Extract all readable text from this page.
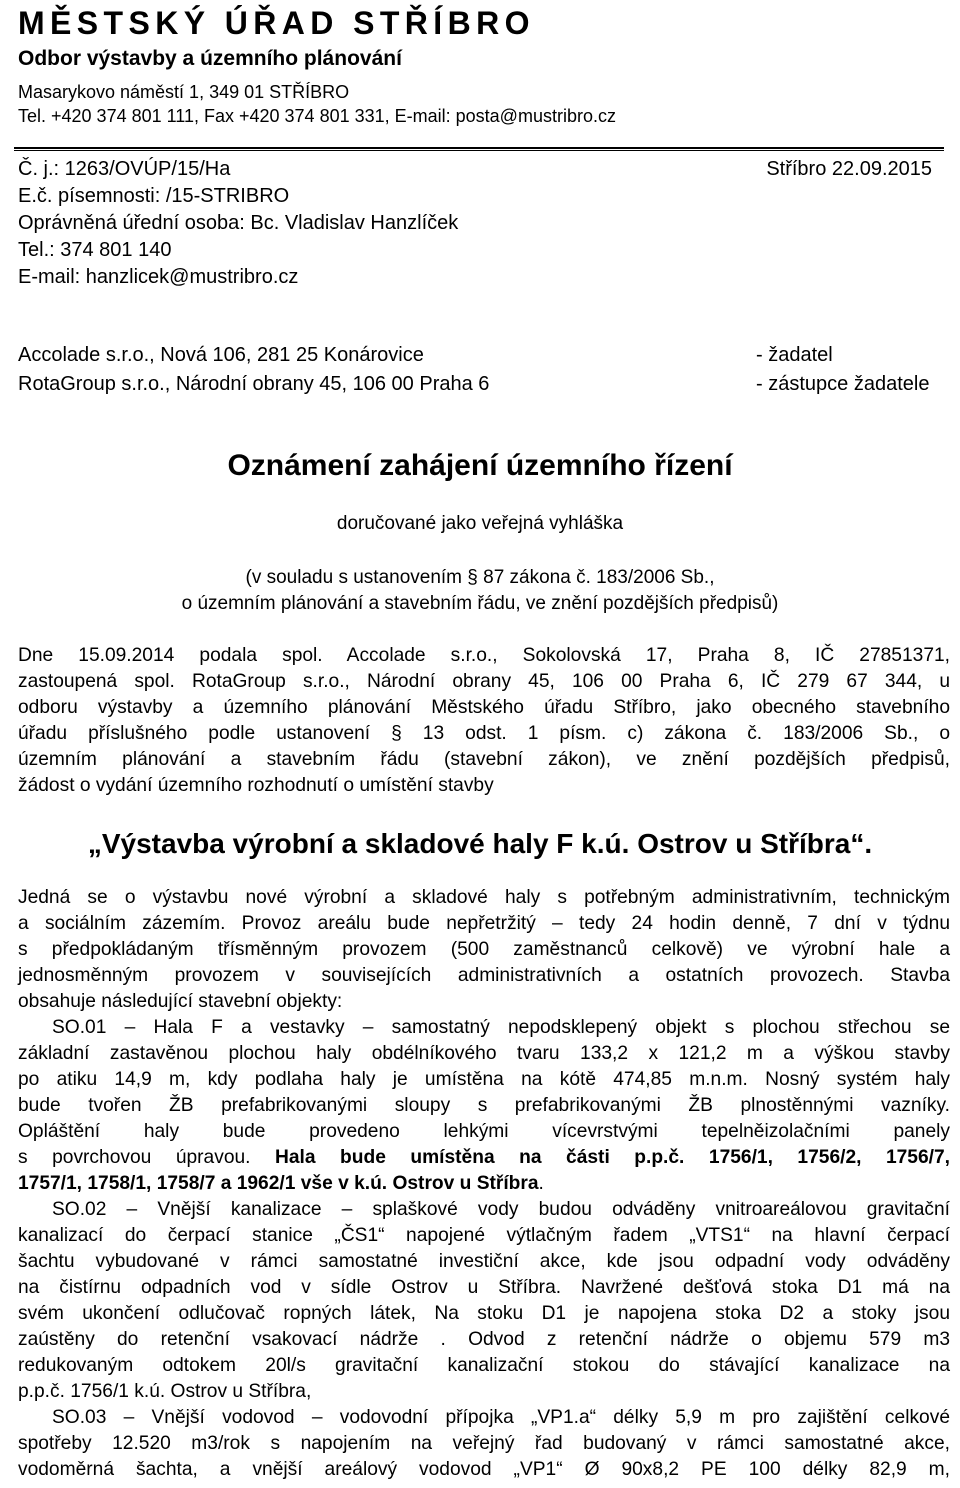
MĚSTSKÝ ÚŘAD STŘÍBRO
Odbor výstavby a územního plánování
Masarykovo náměstí 1, 349 01 STŘÍBRO
Tel. +420 374 801 111, Fax +420 374 801 331, E-mail: posta@mustribro.cz
Č. j.: 1263/OVÚP/15/Ha	Stříbro 22.09.2015
E.č. písemnosti: /15-STRIBRO
Oprávněná úřední osoba: Bc. Vladislav Hanzlíček
Tel.: 374 801 140
E-mail: hanzlicek@mustribro.cz
Accolade s.r.o., Nová 106, 281 25 Konárovice	- žadatel
RotaGroup s.r.o., Národní obrany 45, 106 00 Praha 6	- zástupce žadatele
Oznámení zahájení územního řízení
doručované jako veřejná vyhláška
(v souladu s ustanovením § 87 zákona č. 183/2006 Sb.,
o územním plánování a stavebním řádu, ve znění pozdějších předpisů)
Dne 15.09.2014 podala spol. Accolade s.r.o., Sokolovská 17, Praha 8, IČ 27851371,
zastoupená spol. RotaGroup s.r.o., Národní obrany 45, 106 00 Praha 6, IČ 279 67 344, u
odboru výstavby a územního plánování Městského úřadu Stříbro, jako obecného stavebního
úřadu příslušného podle ustanovení § 13 odst. 1 písm. c) zákona č. 183/2006 Sb., o
územním plánování a stavebním řádu (stavební zákon), ve znění pozdějších předpisů,
žádost o vydání územního rozhodnutí o umístění stavby
„Výstavba výrobní a skladové haly F k.ú. Ostrov u Stříbra“.
Jedná se o výstavbu nové výrobní a skladové haly s potřebným administrativním, technickým
a sociálním zázemím. Provoz areálu bude nepřetržitý – tedy 24 hodin denně, 7 dní v týdnu
s předpokládaným třísměnným provozem (500 zaměstnanců celkově) ve výrobní hale a
jednosměnným provozem v souvisejících administrativních a ostatních provozech. Stavba
obsahuje následující stavební objekty:
SO.01 – Hala F a vestavky – samostatný nepodsklepený objekt s plochou střechou se
základní zastavěnou plochou haly obdélníkového tvaru 133,2 x 121,2 m a výškou stavby
po atiku 14,9 m, kdy podlaha haly je umístěna na kótě 474,85 m.n.m. Nosný systém haly
bude tvořen ŽB prefabrikovanými sloupy s prefabrikovanými ŽB plnostěnnými vazníky.
Opláštění haly bude provedeno lehkými vícevrstvými tepelněizolačními panely
s povrchovou úpravou. Hala bude umístěna na části p.p.č. 1756/1, 1756/2, 1756/7,
1757/1, 1758/1, 1758/7 a 1962/1 vše v k.ú. Ostrov u Stříbra.
SO.02 – Vnější kanalizace – splaškové vody budou odváděny vnitroareálovou gravitační
kanalizací do čerpací stanice „ČS1“ napojené výtlačným řadem „VTS1“ na hlavní čerpací
šachtu vybudované v rámci samostatné investiční akce, kde jsou odpadní vody odváděny
na čistírnu odpadních vod v sídle Ostrov u Stříbra. Navržené dešťová stoka D1 má na
svém ukončení odlučovač ropných látek, Na stoku D1 je napojena stoka D2 a stoky jsou
zaústěny do retenční vsakovací nádrže . Odvod z retenční nádrže o objemu 579 m3
redukovaným odtokem 20l/s gravitační kanalizační stokou do stávající kanalizace na
p.p.č. 1756/1 k.ú. Ostrov u Stříbra,
SO.03 – Vnější vodovod – vodovodní přípojka „VP1.a“ délky 5,9 m pro zajištění celkové
spotřeby 12.520 m3/rok s napojením na veřejný řad budovaný v rámci samostatné akce,
vodoměrná šachta, a vnější areálový vodovod „VP1“ Ø 90x8,2 PE 100 délky 82,9 m,
